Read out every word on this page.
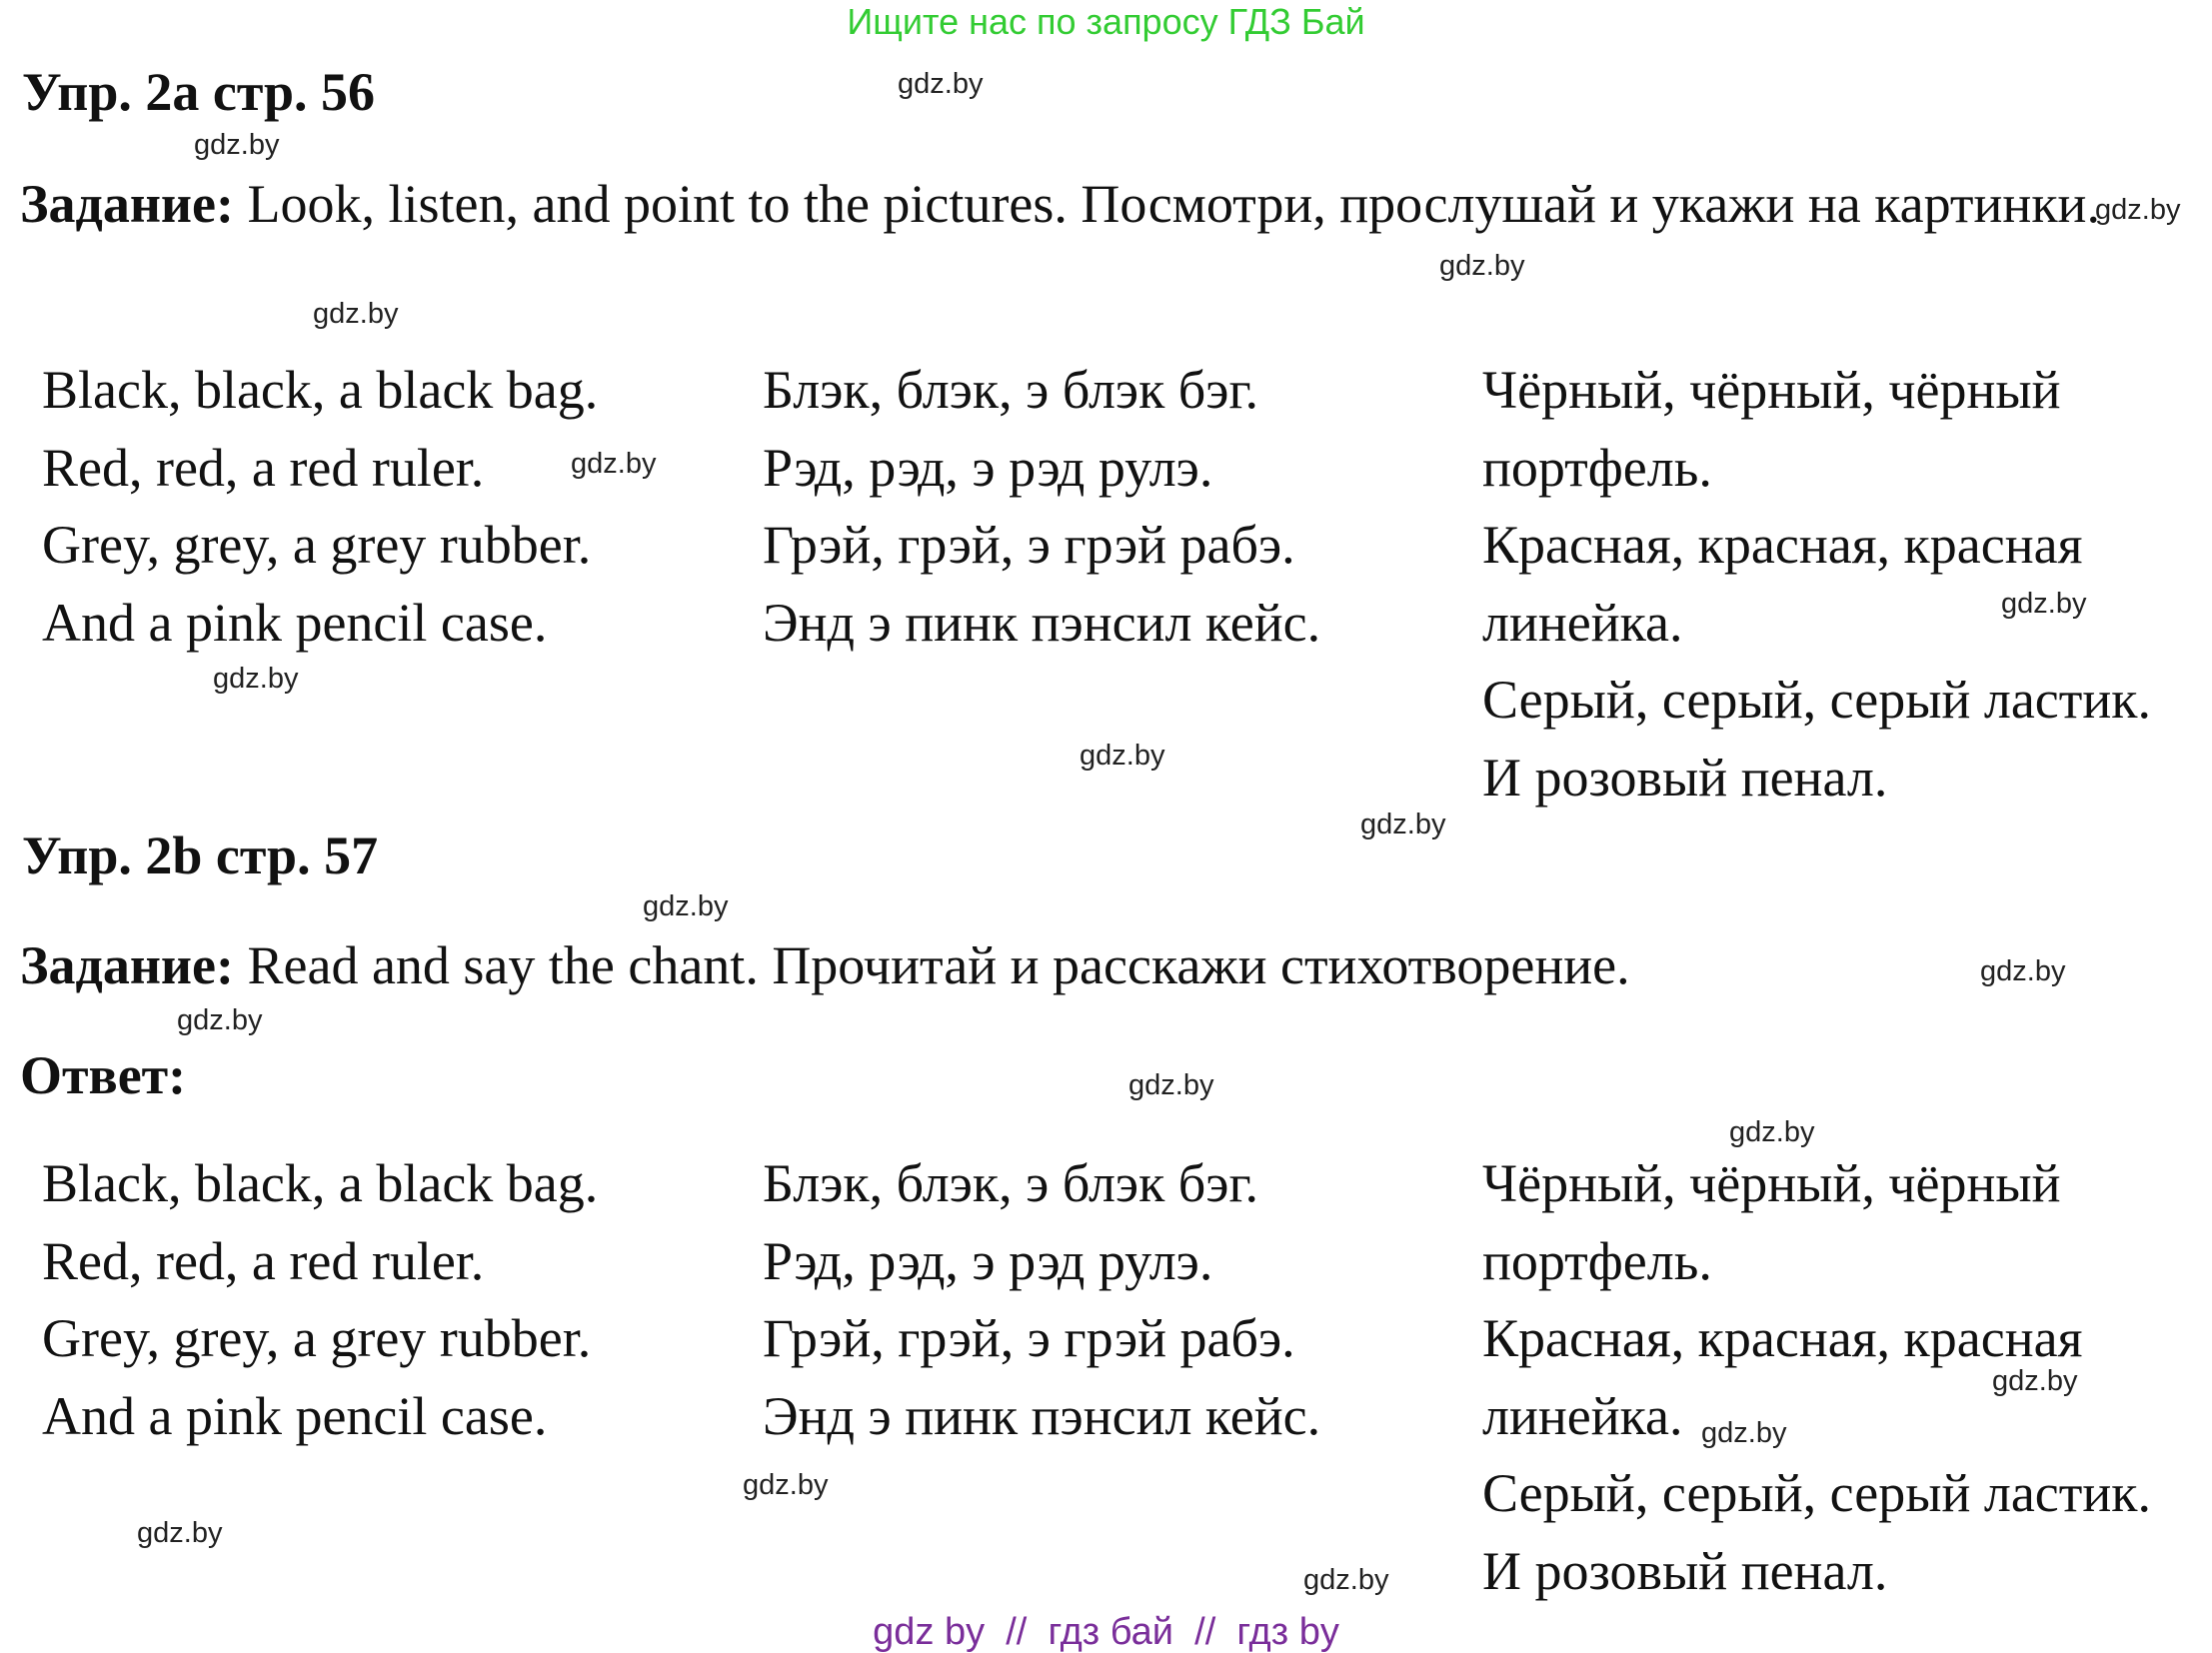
Ищите нас по запросу ГДЗ Бай
Упр. 2a стр. 56
Задание: Look, listen, and point to the pictures. Посмотри, прослушай и укажи на картинки.
Black, black, a black bag.
Red, red, a red ruler.
Grey, grey, a grey rubber.
And a pink pencil case.
Блэк, блэк, э блэк бэг.
Рэд, рэд, э рэд рулэ.
Грэй, грэй, э грэй рабэ.
Энд э пинк пэнсил кейс.
Чёрный, чёрный, чёрный
портфель.
Красная, красная, красная
линейка.
Серый, серый, серый ластик.
И розовый пенал.
Упр. 2b стр. 57
Задание: Read and say the chant. Прочитай и расскажи стихотворение.
Ответ:
Black, black, a black bag.
Red, red, a red ruler.
Grey, grey, a grey rubber.
And a pink pencil case.
Блэк, блэк, э блэк бэг.
Рэд, рэд, э рэд рулэ.
Грэй, грэй, э грэй рабэ.
Энд э пинк пэнсил кейс.
Чёрный, чёрный, чёрный
портфель.
Красная, красная, красная
линейка.
Серый, серый, серый ластик.
И розовый пенал.
gdz.by
gdz.by
gdz.by
gdz.by
gdz.by
gdz.by
gdz.by
gdz.by
gdz.by
gdz.by
gdz.by
gdz.by
gdz.by
gdz.by
gdz.by
gdz.by
gdz.by
gdz.by
gdz.by
gdz.by
gdz by  //  гдз бай  //  гдз by
